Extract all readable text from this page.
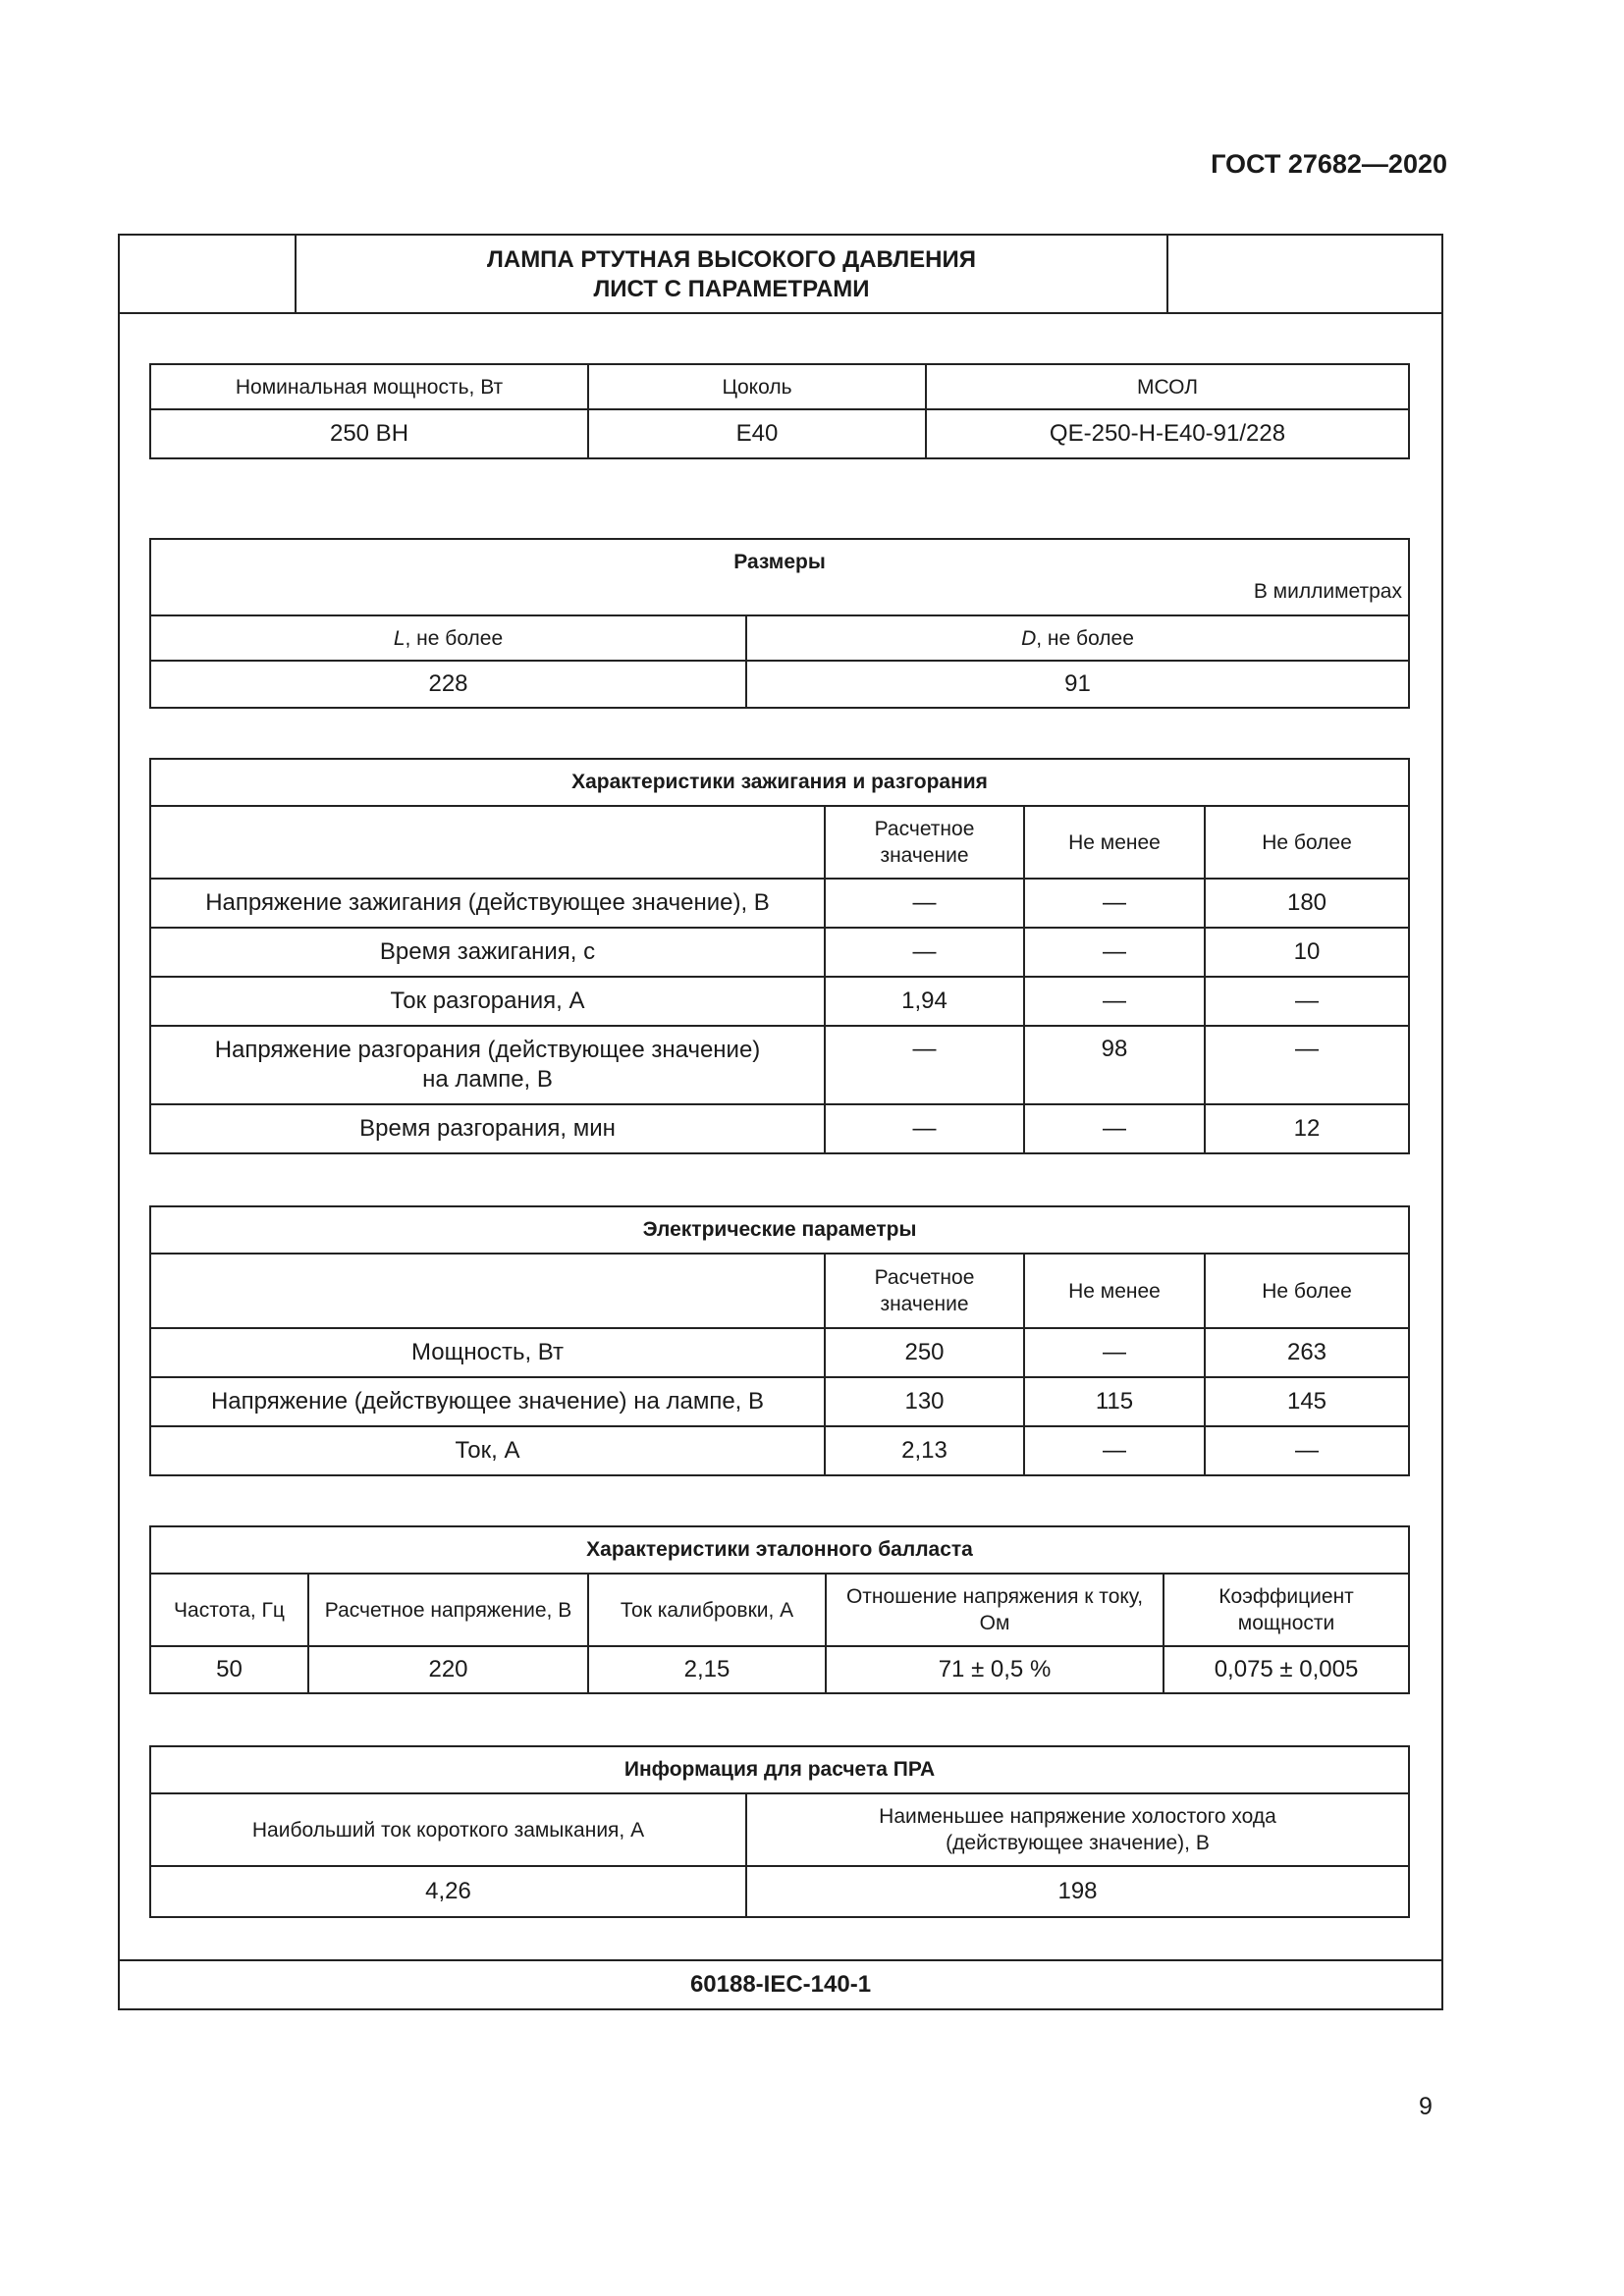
ГОСТ 27682—2020
ЛАМПА РТУТНАЯ ВЫСОКОГО ДАВЛЕНИЯ
ЛИСТ С ПАРАМЕТРАМИ
60188-IEC-140-1
Номинальная мощность, Вт	Цоколь	МСОЛ
250 ВН	Е40	QE-250-H-E40-91/228
Размеры
В миллиметрах	

L, не более	D, не более
228	91
Характеристики зажигания и разгорания			
	Расчетное значение	Не менее	Не более
Напряжение зажигания (действующее значение), В	—	—	180
Время зажигания, с	—	—	10
Ток разгорания, А	1,94	—	—
Напряжение разгорания (действующее значение) на лампе, В	—	98	—
Время разгорания, мин	—	—	12
Электрические параметры			
	Расчетное значение	Не менее	Не более
Мощность, Вт	250	—	263
Напряжение (действующее значение) на лампе, В	130	115	145
Ток, А	2,13	—	—
Характеристики эталонного балласта				
Частота, Гц	Расчетное напряжение, В	Ток калибровки, А	Отношение напряжения к току, Ом	Коэффициент мощности
50	220	2,15	71 ± 0,5 %	0,075 ± 0,005
Информация для расчета ПРА	
Наибольший ток короткого замыкания, А	Наименьшее напряжение холостого хода (действующее значение), В
4,26	198
9
